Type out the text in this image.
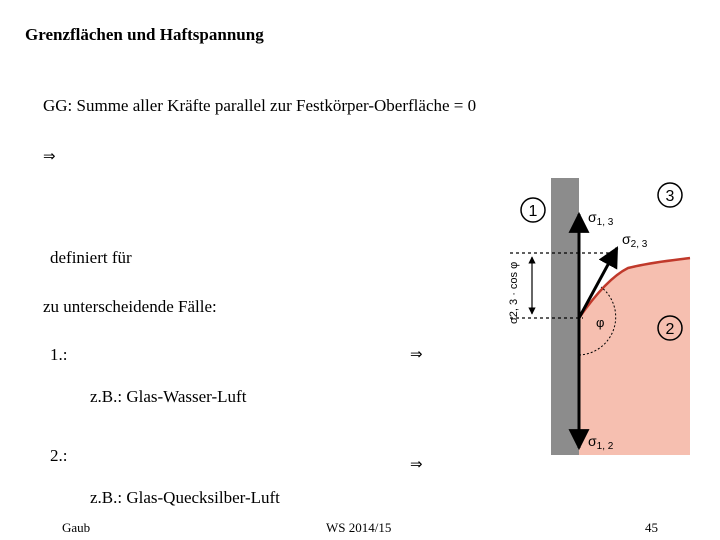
Grenzflächen und Haftspannung
GG: Summe aller Kräfte parallel zur Festkörper-Oberfläche = 0
⇒
definiert für
zu unterscheidende Fälle:
1.:	⇒
z.B.: Glas-Wasser-Luft
2.:	⇒
z.B.: Glas-Quecksilber-Luft
1
2
3
$\sigma_{1, 3}$
$\sigma_{2, 3}$
$\sigma_{1, 2}$
φ
σ2, 3 · cos φ
Gaub	WS 2014/15	45
